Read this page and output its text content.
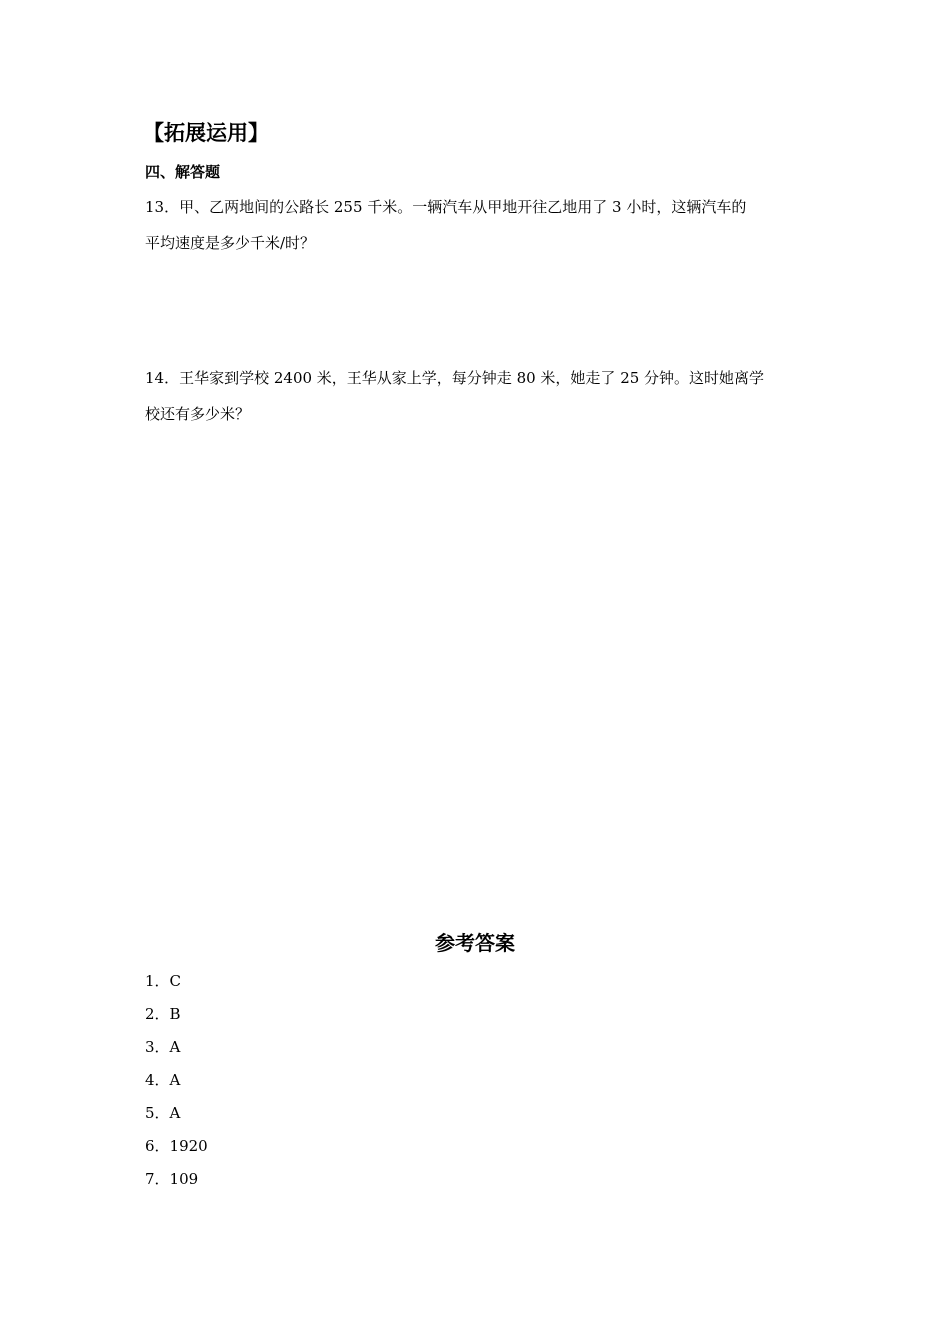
【拓展运用】
四、解答题
13．甲、乙两地间的公路长 255 千米。一辆汽车从甲地开往乙地用了 3 小时，这辆汽车的
平均速度是多少千米/时？
14．王华家到学校 2400 米，王华从家上学，每分钟走 80 米，她走了 25 分钟。这时她离学
校还有多少米？
参考答案
1．C
2．B
3．A
4．A
5．A
6．1920
7．109
